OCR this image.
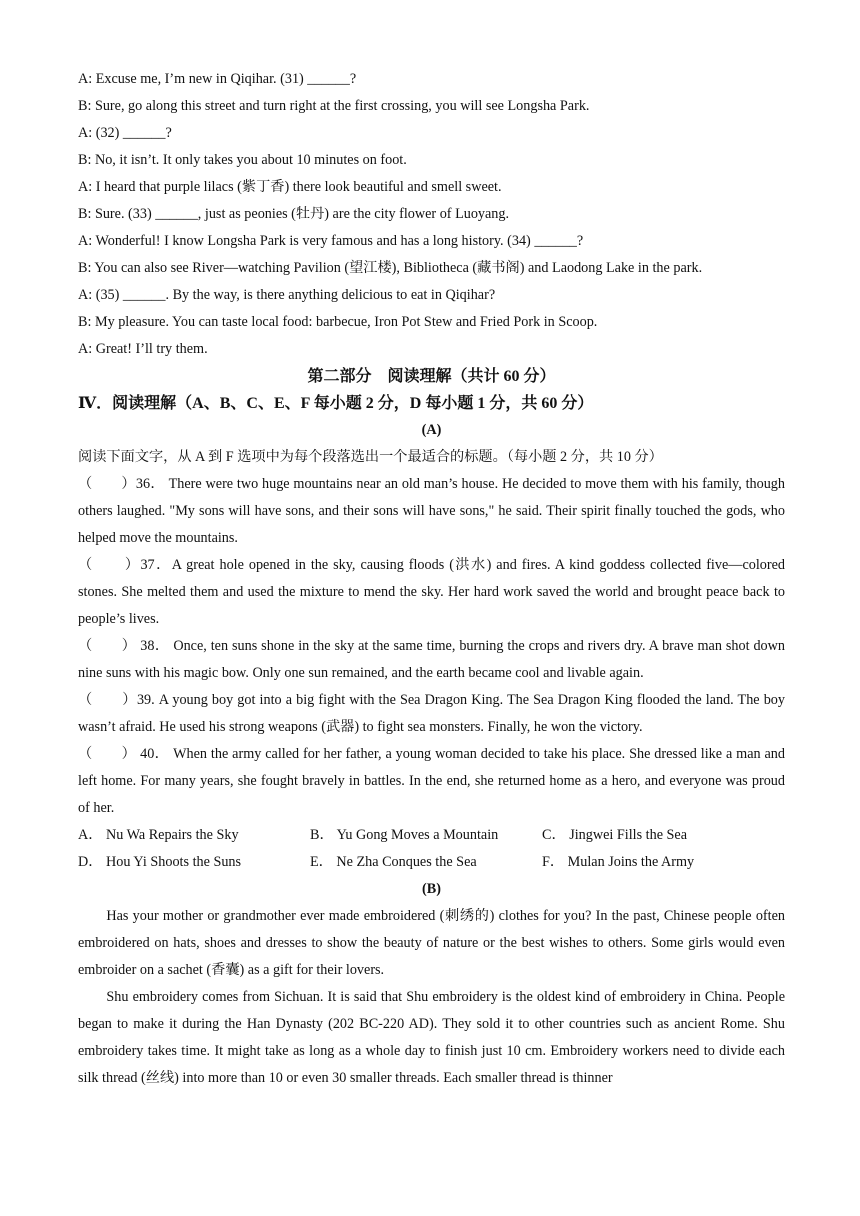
A: Excuse me, I’m new in Qiqihar. (31) ______?
B: Sure, go along this street and turn right at the first crossing, you will see Longsha Park.
A: (32) ______?
B: No, it isn’t. It only takes you about 10 minutes on foot.
A: I heard that purple lilacs (紫丁香) there look beautiful and smell sweet.
B: Sure. (33) ______, just as peonies (牡丹) are the city flower of Luoyang.
A: Wonderful! I know Longsha Park is very famous and has a long history. (34) ______?
B: You can also see River—watching Pavilion (望江楼), Bibliotheca (藏书阁) and Laodong Lake in the park.
A: (35) ______. By the way, is there anything delicious to eat in Qiqihar?
B: My pleasure. You can taste local food: barbecue, Iron Pot Stew and Fried Pork in Scoop.
A: Great! I’ll try them.
第二部分　阅读理解（共计 60 分）
Ⅳ．阅读理解（A、B、C、E、F 每小题 2 分，D 每小题 1 分，共 60 分）
(A)
阅读下面文字，从 A 到 F 选项中为每个段落选出一个最适合的标题。（每小题 2 分，共 10 分）
（　　）36． There were two huge mountains near an old man’s house. He decided to move them with his family, though others laughed. "My sons will have sons, and their sons will have sons," he said. Their spirit finally touched the gods, who helped move the mountains.
（　　）37．A great hole opened in the sky, causing floods (洪水) and fires. A kind goddess collected five—colored stones. She melted them and used the mixture to mend the sky. Her hard work saved the world and brought peace back to people’s lives.
（　　） 38． Once, ten suns shone in the sky at the same time, burning the crops and rivers dry. A brave man shot down nine suns with his magic bow. Only one sun remained, and the earth became cool and livable again.
（　　）39. A young boy got into a big fight with the Sea Dragon King. The Sea Dragon King flooded the land. The boy wasn’t afraid. He used his strong weapons (武器) to fight sea monsters. Finally, he won the victory.
（　　） 40． When the army called for her father, a young woman decided to take his place. She dressed like a man and left home. For many years, she fought bravely in battles. In the end, she returned home as a hero, and everyone was proud of her.
A． Nu Wa Repairs the Sky	B． Yu Gong Moves a Mountain	C． Jingwei Fills the Sea
D． Hou Yi Shoots the Suns	E． Ne Zha Conques the Sea	F． Mulan Joins the Army
(B)
Has your mother or grandmother ever made embroidered (刺绣的) clothes for you? In the past, Chinese people often embroidered on hats, shoes and dresses to show the beauty of nature or the best wishes to others. Some girls would even embroider on a sachet (香囊) as a gift for their lovers.
Shu embroidery comes from Sichuan. It is said that Shu embroidery is the oldest kind of embroidery in China. People began to make it during the Han Dynasty (202 BC-220 AD). They sold it to other countries such as ancient Rome. Shu embroidery takes time. It might take as long as a whole day to finish just 10 cm. Embroidery workers need to divide each silk thread (丝线) into more than 10 or even 30 smaller threads. Each smaller thread is thinner
